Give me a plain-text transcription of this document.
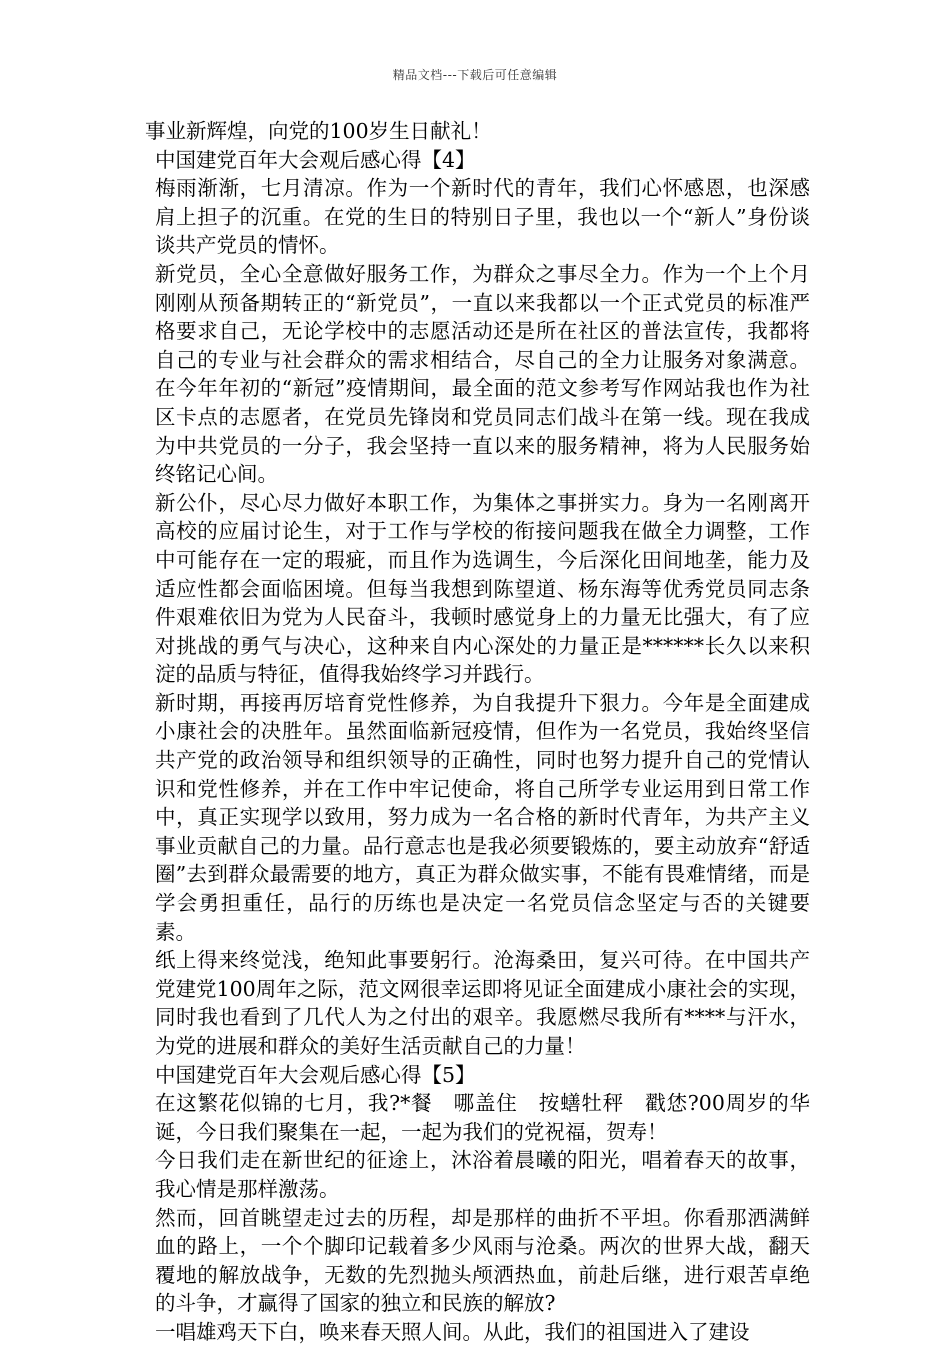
精品文档---下载后可任意编辑

事业新辉煌，向党的100岁生日献礼！

中国建党百年大会观后感心得【4】

梅雨渐渐，七月清凉。作为一个新时代的青年，我们心怀感恩，也深感肩上担子的沉重。在党的生日的特别日子里，我也以一个“新人”身份谈谈共产党员的情怀。

新党员，全心全意做好服务工作，为群众之事尽全力。作为一个上个月刚刚从预备期转正的“新党员”，一直以来我都以一个正式党员的标准严格要求自己，无论学校中的志愿活动还是所在社区的普法宣传，我都将自己的专业与社会群众的需求相结合，尽自己的全力让服务对象满意。在今年年初的“新冠”疫情期间，最全面的范文参考写作网站我也作为社区卡点的志愿者，在党员先锋岗和党员同志们战斗在第一线。现在我成为中共党员的一分子，我会坚持一直以来的服务精神，将为人民服务始终铭记心间。

新公仆，尽心尽力做好本职工作，为集体之事拼实力。身为一名刚离开高校的应届讨论生，对于工作与学校的衔接问题我在做全力调整，工作中可能存在一定的瑕疵，而且作为选调生，今后深化田间地垄，能力及适应性都会面临困境。但每当我想到陈望道、杨东海等优秀党员同志条件艰难依旧为党为人民奋斗，我顿时感觉身上的力量无比强大，有了应对挑战的勇气与决心，这种来自内心深处的力量正是******长久以来积淀的品质与特征，值得我始终学习并践行。

新时期，再接再厉培育党性修养，为自我提升下狠力。今年是全面建成小康社会的决胜年。虽然面临新冠疫情，但作为一名党员，我始终坚信共产党的政治领导和组织领导的正确性，同时也努力提升自己的党情认识和党性修养，并在工作中牢记使命，将自己所学专业运用到日常工作中，真正实现学以致用，努力成为一名合格的新时代青年，为共产主义事业贡献自己的力量。品行意志也是我必须要锻炼的，要主动放弃“舒适圈”去到群众最需要的地方，真正为群众做实事，不能有畏难情绪，而是学会勇担重任，品行的历练也是决定一名党员信念坚定与否的关键要素。

纸上得来终觉浅，绝知此事要躬行。沧海桑田，复兴可待。在中国共产党建党100周年之际，范文网很幸运即将见证全面建成小康社会的实现，同时我也看到了几代人为之付出的艰辛。我愿燃尽我所有****与汗水，为党的进展和群众的美好生活贡献自己的力量！

中国建党百年大会观后感心得【5】

在这繁花似锦的七月，我?*餐　哪盖住　按蟮牡秤　戳恷?00周岁的华诞，今日我们聚集在一起，一起为我们的党祝福，贺寿！

今日我们走在新世纪的征途上，沐浴着晨曦的阳光，唱着春天的故事，我心情是那样激荡。

然而，回首眺望走过去的历程，却是那样的曲折不平坦。你看那洒满鲜血的路上，一个个脚印记载着多少风雨与沧桑。两次的世界大战，翻天覆地的解放战争，无数的先烈抛头颅洒热血，前赴后继，进行艰苦卓绝的斗争，才赢得了国家的独立和民族的解放?

一唱雄鸡天下白，唤来春天照人间。从此，我们的祖国进入了建设
